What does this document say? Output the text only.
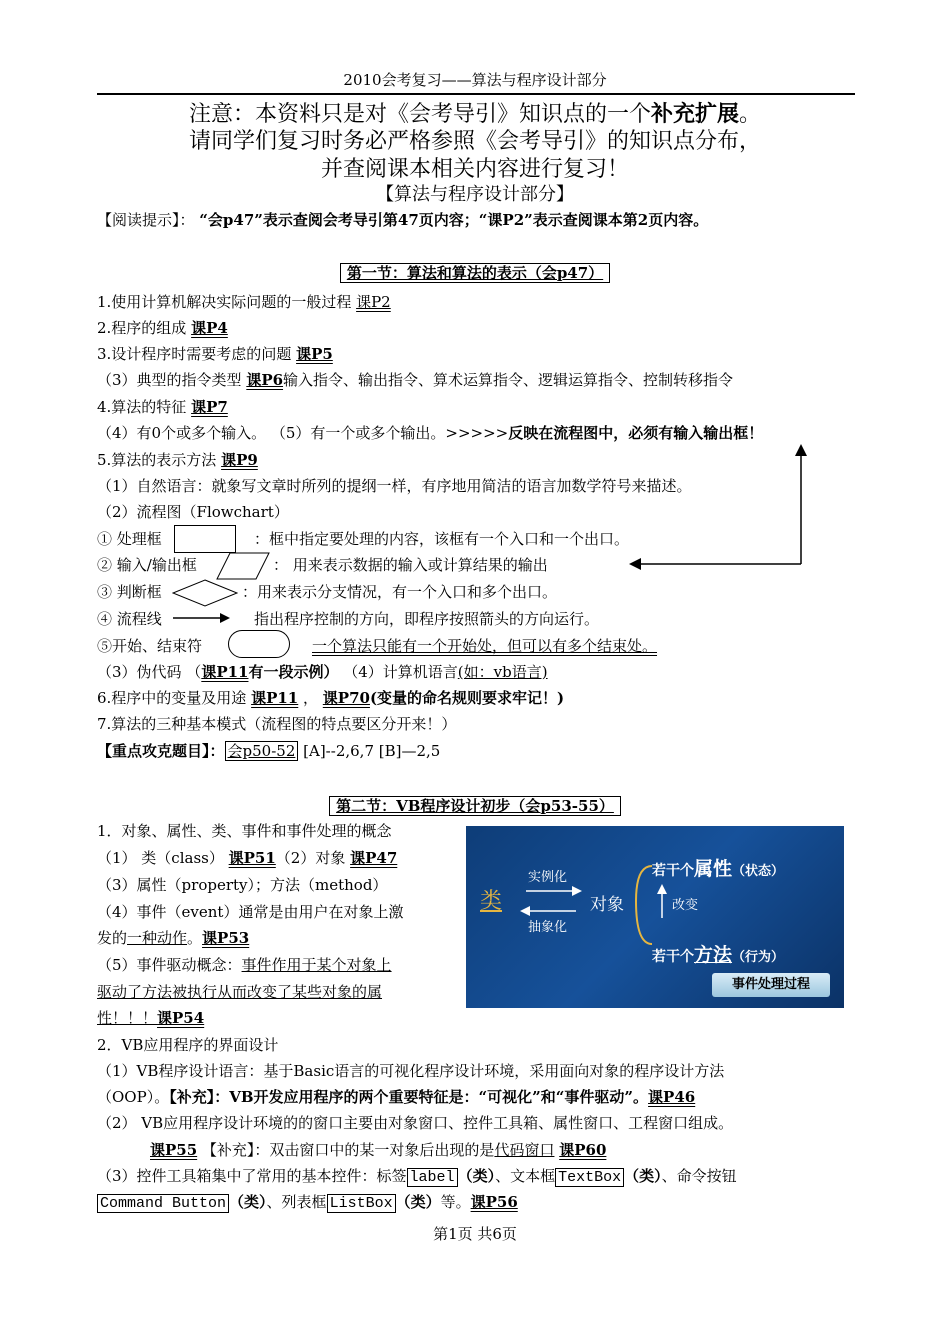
2010会考复习——算法与程序设计部分
注意：本资料只是对《会考导引》知识点的一个补充扩展。
请同学们复习时务必严格参照《会考导引》的知识点分布，
并查阅课本相关内容进行复习！
【算法与程序设计部分】
【阅读提示】： “会p47”表示查阅会考导引第47页内容；“课P2”表示查阅课本第2页内容。
第一节：算法和算法的表示（会p47）
1.使用计算机解决实际问题的一般过程 课P2
2.程序的组成 课P4
3.设计程序时需要考虑的问题 课P5
（3）典型的指令类型 课P6输入指令、输出指令、算术运算指令、逻辑运算指令、控制转移指令
4.算法的特征 课P7
（4）有0个或多个输入。 （5）有一个或多个输出。>>>>>反映在流程图中，必须有输入输出框！
5.算法的表示方法 课P9
（1）自然语言：就象写文章时所列的提纲一样，有序地用简洁的语言加数学符号来描述。
（2）流程图（Flowchart）
① 处理框	：框中指定要处理的内容，该框有一个入口和一个出口。
② 输入/输出框	： 用来表示数据的输入或计算结果的输出
③ 判断框	：用来表示分支情况，有一个入口和多个出口。
④ 流程线	指出程序控制的方向，即程序按照箭头的方向运行。
⑤开始、结束符	一个算法只能有一个开始处，但可以有多个结束处。
（3）伪代码 （课P11有一段示例） （4）计算机语言(如：vb语言)
6.程序中的变量及用途 课P11 ， 课P70(变量的命名规则要求牢记！)
7.算法的三种基本模式（流程图的特点要区分开来！）
【重点攻克题目】： 会p50-52 [A]--2,6,7 [B]—2,5
第二节：VB程序设计初步（会p53-55）
1．对象、属性、类、事件和事件处理的概念
（1） 类（class） 课P51（2）对象 课P47
（3）属性（property）；方法（method）
（4）事件（event）通常是由用户在对象上激
发的一种动作。课P53
（5）事件驱动概念：事件作用于某个对象上
驱动了方法被执行从而改变了某些对象的属
性！！！课P54
类
实例化
抽象化
对象
若干个属性（状态）
改变
若干个方法（行为）
事件处理过程
2．VB应用程序的界面设计
（1）VB程序设计语言：基于Basic语言的可视化程序设计环境，采用面向对象的程序设计方法
（OOP）。【补充】：VB开发应用程序的两个重要特征是：“可视化”和“事件驱动”。课P46
（2） VB应用程序设计环境的的窗口主要由对象窗口、控件工具箱、属性窗口、工程窗口组成。
课P55 【补充】：双击窗口中的某一对象后出现的是代码窗口 课P60
（3）控件工具箱集中了常用的基本控件：标签 label （类）、文本框 TextBox （类）、命令按钮
Command Button （类）、列表框 ListBox （类）等。课P56
第1页 共6页
